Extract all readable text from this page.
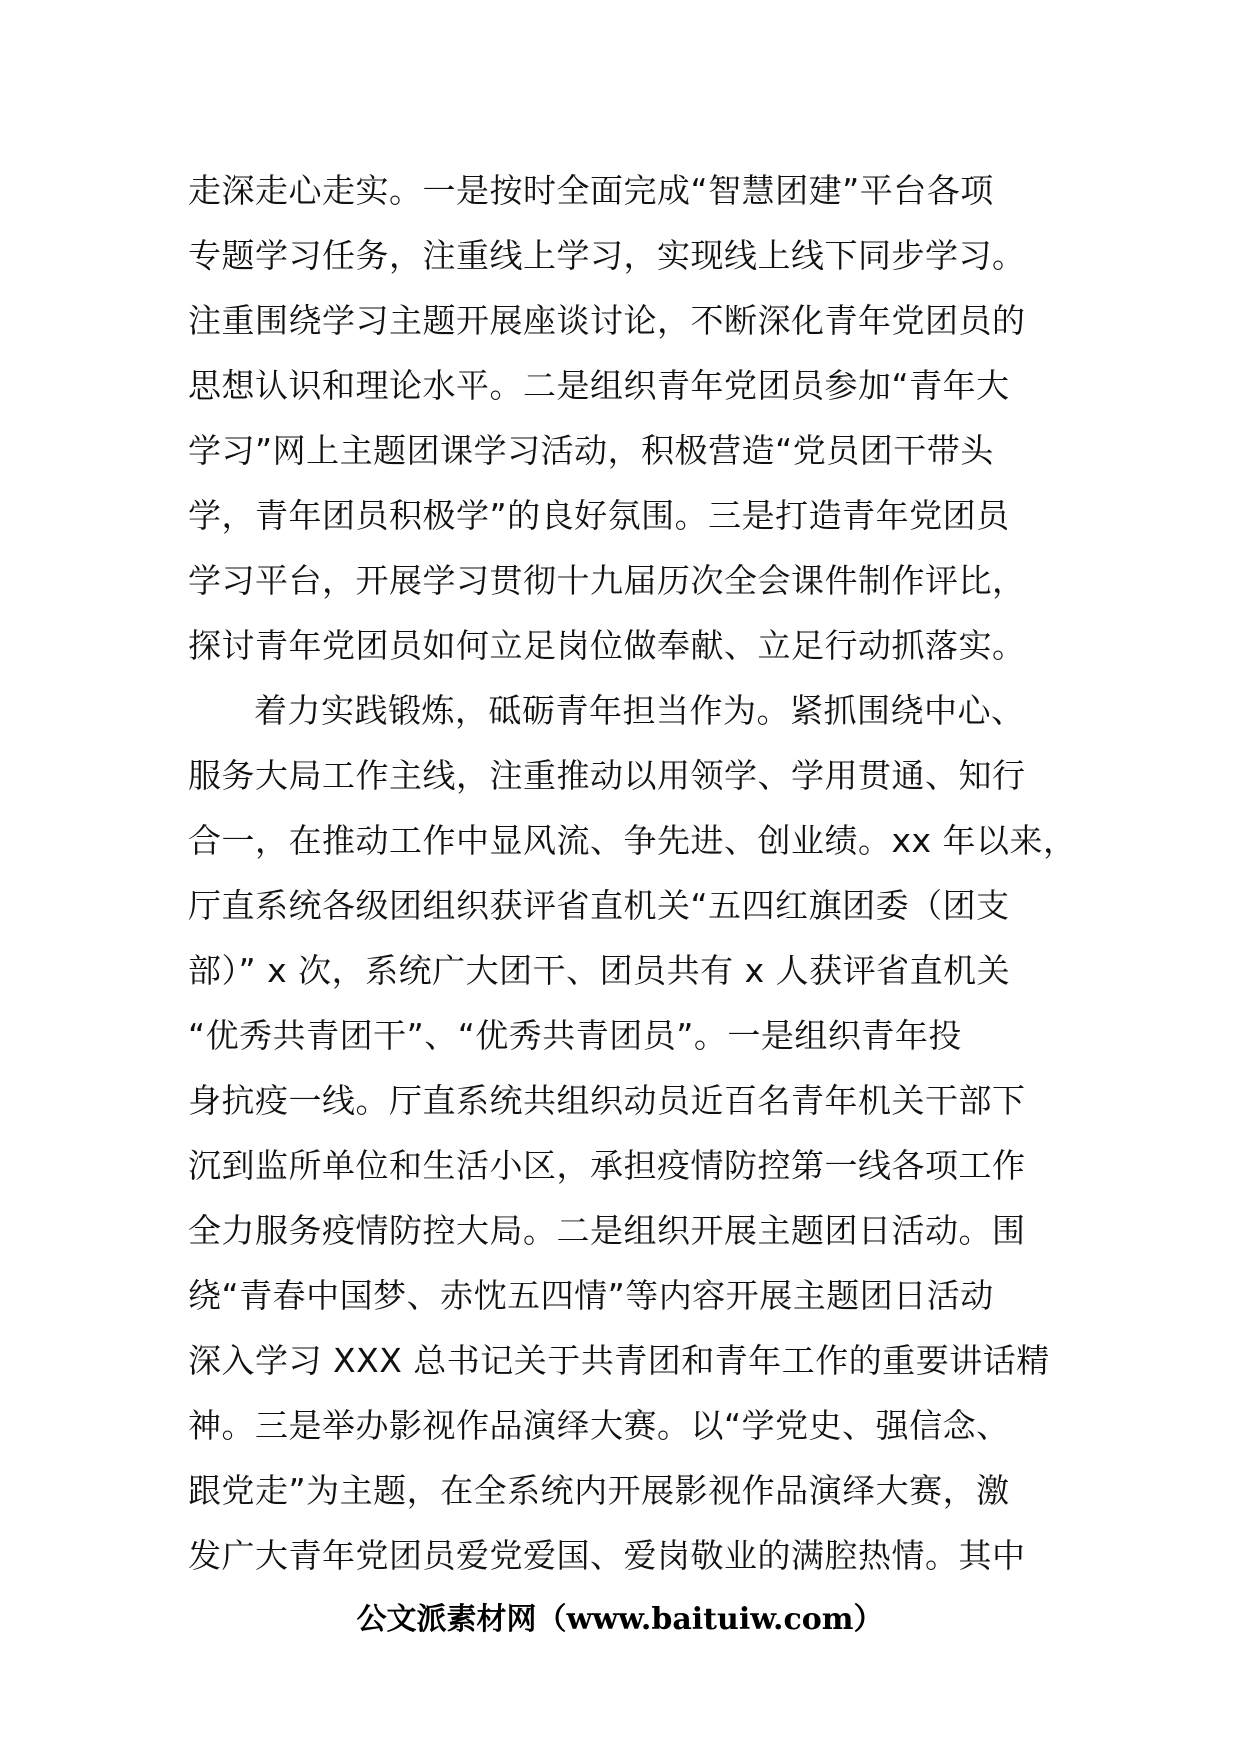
走深走心走实。一是按时全面完成“智慧团建”平台各项
专题学习任务，注重线上学习，实现线上线下同步学习。
注重围绕学习主题开展座谈讨论，不断深化青年党团员的
思想认识和理论水平。二是组织青年党团员参加“青年大
学习”网上主题团课学习活动，积极营造“党员团干带头
学，青年团员积极学”的良好氛围。三是打造青年党团员
学习平台，开展学习贯彻十九届历次全会课件制作评比，
探讨青年党团员如何立足岗位做奉献、立足行动抓落实。
着力实践锻炼，砥砺青年担当作为。紧抓围绕中心、
服务大局工作主线，注重推动以用领学、学用贯通、知行
合一，在推动工作中显风流、争先进、创业绩。xx 年以来，
厅直系统各级团组织获评省直机关“五四红旗团委（团支
部）” x 次，系统广大团干、团员共有 x 人获评省直机关
“优秀共青团干”、“优秀共青团员”。一是组织青年投
身抗疫一线。厅直系统共组织动员近百名青年机关干部下
沉到监所单位和生活小区，承担疫情防控第一线各项工作
全力服务疫情防控大局。二是组织开展主题团日活动。围
绕“青春中国梦、赤忱五四情”等内容开展主题团日活动
深入学习 XXX 总书记关于共青团和青年工作的重要讲话精
神。三是举办影视作品演绎大赛。以“学党史、强信念、
跟党走”为主题，在全系统内开展影视作品演绎大赛，激
发广大青年党团员爱党爱国、爱岗敬业的满腔热情。其中
公文派素材网（www.baituiw.com）
